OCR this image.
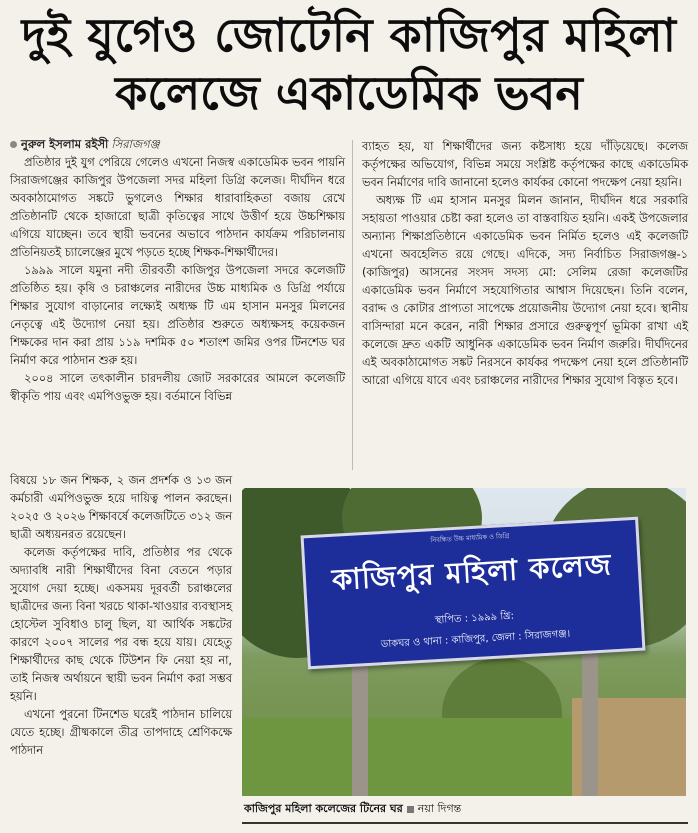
দুই যুগেও জোটেনি কাজিপুর মহিলা
কলেজে একাডেমিক ভবন
নুরুল ইসলাম রইসী সিরাজগঞ্জ

প্রতিষ্ঠার দুই যুগ পেরিয়ে গেলেও এখনো নিজস্ব একাডেমিক ভবন পায়নি সিরাজগঞ্জের কাজিপুর উপজেলা সদর মহিলা ডিগ্রি কলেজ। দীর্ঘদিন ধরে অবকাঠামোগত সঙ্কটে ভুগলেও শিক্ষার ধারাবাহিকতা বজায় রেখে প্রতিষ্ঠানটি থেকে হাজারো ছাত্রী কৃতিত্বের সাথে উত্তীর্ণ হয়ে উচ্চশিক্ষায় এগিয়ে যাচ্ছেন। তবে স্থায়ী ভবনের অভাবে পাঠদান কার্যক্রম পরিচালনায় প্রতিনিয়তই চ্যালেঞ্জের মুখে পড়তে হচ্ছে শিক্ষক-শিক্ষার্থীদের।

১৯৯৯ সালে যমুনা নদী তীরবর্তী কাজিপুর উপজেলা সদরে কলেজটি প্রতিষ্ঠিত হয়। কৃষি ও চরাঞ্চলের নারীদের উচ্চ মাধ্যমিক ও ডিগ্রি পর্যায়ে শিক্ষার সুযোগ বাড়ানোর লক্ষ্যেই অধ্যক্ষ টি এম হাসান মনসুর মিলনের নেতৃত্বে এই উদ্যোগ নেয়া হয়। প্রতিষ্ঠার শুরুতে অধ্যক্ষসহ কয়েকজন শিক্ষকের দান করা প্রায় ১১৯ দশমিক ৫০ শতাংশ জমির ওপর টিনশেড ঘর নির্মাণ করে পাঠদান শুরু হয়।

২০০৪ সালে তৎকালীন চারদলীয় জোট সরকারের আমলে কলেজটি স্বীকৃতি পায় এবং এমপিওভুক্ত হয়। বর্তমানে বিভিন্ন

ব্যাহত হয়, যা শিক্ষার্থীদের জন্য কষ্টসাধ্য হয়ে দাঁড়িয়েছে। কলেজ কর্তৃপক্ষের অভিযোগ, বিভিন্ন সময়ে সংশ্লিষ্ট কর্তৃপক্ষের কাছে একাডেমিক ভবন নির্মাণের দাবি জানানো হলেও কার্যকর কোনো পদক্ষেপ নেয়া হয়নি।

অধ্যক্ষ টি এম হাসান মনসুর মিলন জানান, দীর্ঘদিন ধরে সরকারি সহায়তা পাওয়ার চেষ্টা করা হলেও তা বাস্তবায়িত হয়নি। একই উপজেলার অন্যান্য শিক্ষাপ্রতিষ্ঠানে একাডেমিক ভবন নির্মিত হলেও এই কলেজটি এখনো অবহেলিত রয়ে গেছে। এদিকে, সদ্য নির্বাচিত সিরাজগঞ্জ-১ (কাজিপুর) আসনের সংসদ সদস্য মো: সেলিম রেজা কলেজটির একাডেমিক ভবন নির্মাণে সহযোগিতার আশ্বাস দিয়েছেন। তিনি বলেন, বরাদ্দ ও কোটার প্রাপ্যতা সাপেক্ষে প্রয়োজনীয় উদ্যোগ নেয়া হবে। স্থানীয় বাসিন্দারা মনে করেন, নারী শিক্ষার প্রসারে গুরুত্বপূর্ণ ভূমিকা রাখা এই কলেজে দ্রুত একটি আধুনিক একাডেমিক ভবন নির্মাণ জরুরি। দীর্ঘদিনের এই অবকাঠামোগত সঙ্কট নিরসনে কার্যকর পদক্ষেপ নেয়া হলে প্রতিষ্ঠানটি আরো এগিয়ে যাবে এবং চরাঞ্চলের নারীদের শিক্ষার সুযোগ বিস্তৃত হবে।

বিষয়ে ১৮ জন শিক্ষক, ২ জন প্রদর্শক ও ১৩ জন কর্মচারী এমপিওভুক্ত হয়ে দায়িত্ব পালন করছেন। ২০২৫ ও ২০২৬ শিক্ষাবর্ষে কলেজটিতে ৩১২ জন ছাত্রী অধ্যয়নরত রয়েছেন।

কলেজ কর্তৃপক্ষের দাবি, প্রতিষ্ঠার পর থেকে অদ্যাবধি নারী শিক্ষার্থীদের বিনা বেতনে পড়ার সুযোগ দেয়া হচ্ছে। একসময় দূরবর্তী চরাঞ্চলের ছাত্রীদের জন্য বিনা খরচে থাকা-খাওয়ার ব্যবস্থাসহ হোস্টেল সুবিধাও চালু ছিল, যা আর্থিক সঙ্কটের কারণে ২০০৭ সালের পর বন্ধ হয়ে যায়। যেহেতু শিক্ষার্থীদের কাছ থেকে টিউশন ফি নেয়া হয় না, তাই নিজস্ব অর্থায়নে স্থায়ী ভবন নির্মাণ করা সম্ভব হয়নি।

এখনো পুরনো টিনশেড ঘরেই পাঠদান চালিয়ে যেতে হচ্ছে। গ্রীষ্মকালে তীব্র তাপদাহে শ্রেণিকক্ষে পাঠদান

নিবন্ধিত উচ্চ মাধ্যমিক ও ডিগ্রি
কাজিপুর মহিলা কলেজ
স্থাপিত : ১৯৯৯ খ্রি:
ডাকঘর ও থানা : কাজিপুর, জেলা : সিরাজগঞ্জ।
কাজিপুর মহিলা কলেজের টিনের ঘর নয়া দিগন্ত
